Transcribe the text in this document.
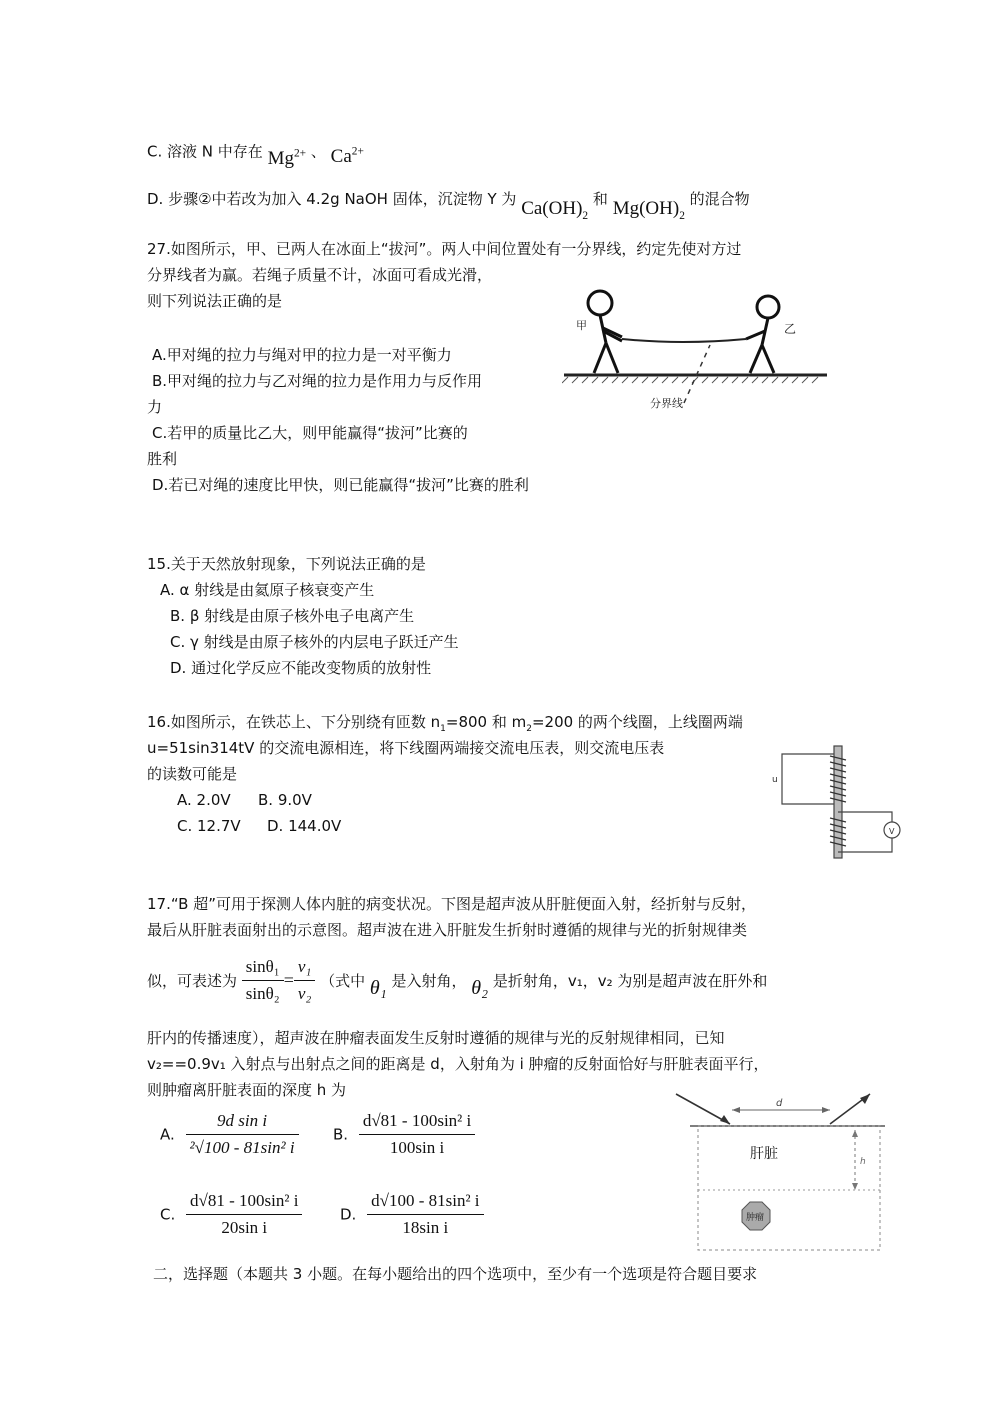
C. 溶液 N 中存在 $Mg^{2+}$ 、 $Ca^{2+}$
D. 步骤②中若改为加入 4.2g NaOH 固体，沉淀物 Y 为 $Ca(OH)_2$ 和 $Mg(OH)_2$ 的混合物
27.如图所示，甲、已两人在冰面上“拔河”。两人中间位置处有一分界线，约定先使对方过
分界线者为赢。若绳子质量不计，冰面可看成光滑，
则下列说法正确的是
A.甲对绳的拉力与绳对甲的拉力是一对平衡力
B.甲对绳的拉力与乙对绳的拉力是作用力与反作用
力
C.若甲的质量比乙大，则甲能赢得“拔河”比赛的
胜利
D.若已对绳的速度比甲快，则已能赢得“拔河”比赛的胜利
甲	乙
分界线
15.关于天然放射现象，下列说法正确的是
A. α 射线是由氦原子核衰变产生
B. β 射线是由原子核外电子电离产生
C. γ 射线是由原子核外的内层电子跃迁产生
D. 通过化学反应不能改变物质的放射性
16.如图所示，在铁芯上、下分别绕有匝数 $n_1=800$ 和 $m_2=200$ 的两个线圈，上线圈两端
u=51sin314tV 的交流电源相连，将下线圈两端接交流电压表，则交流电压表
的读数可能是
A. 2.0V B. 9.0V
C. 12.7V D. 144.0V	V
u
17.“B 超”可用于探测人体内脏的病变状况。下图是超声波从肝脏便面入射，经折射与反射，
最后从肝脏表面射出的示意图。超声波在进入肝脏发生折射时遵循的规律与光的折射规律类
似，可表述为 $\frac{\text{sinθ₁}}{\text{sinθ₂}} = \frac{\text{v₁}}{\text{v₂}}$ （式中 θ₁ 是入射角， θ₂ 是折射角，v₁，v₂ 为别是超声波在肝外和
肝内的传播速度），超声波在肿瘤表面发生反射时遵循的规律与光的反射规律相同，已知
v₂==0.9v₁ 入射点与出射点之间的距离是 d，入射角为 i 肿瘤的反射面恰好与肝脏表面平行，
则肿瘤离肝脏表面的深度 h 为
A. $\frac{\text{9d sin i}}{\text{²√100 - 81sin² i}} B$. $\frac{\text{d√81 - 100sin² i}}{\text{100sin i}}$
C. $\frac{\text{d√81 - 100sin² i}}{\text{20sin i}}$	D. $\frac{\text{d√100 - 81sin² i}}{\text{18sin i}}$
d
h
肝脏
肿瘤
二，选择题（本题共 3 小题。在每小题给出的四个选项中，至少有一个选项是符合题目要求
